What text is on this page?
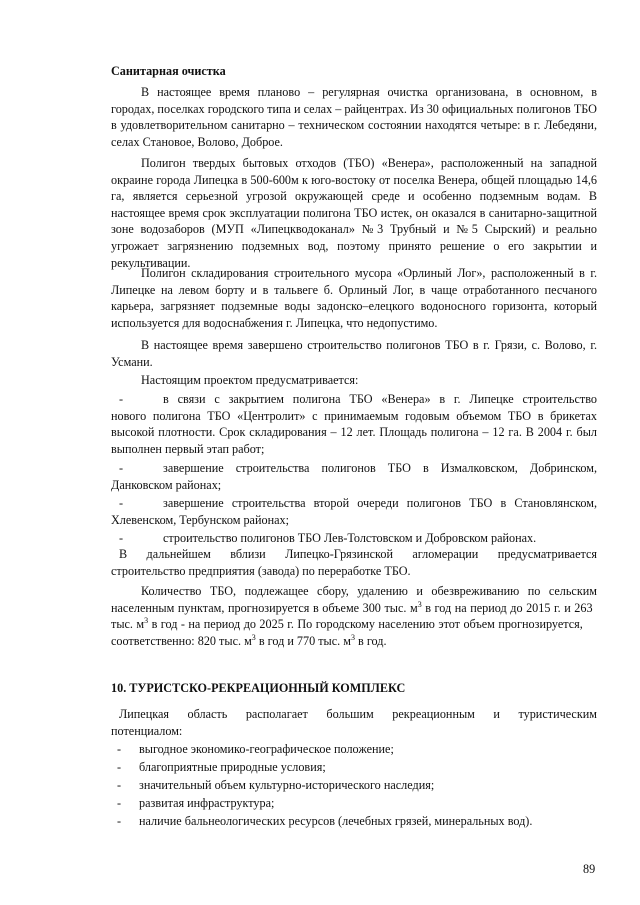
Санитарная очистка
В настоящее время планово – регулярная очистка организована, в основном, в
городах, поселках городского типа и селах – райцентрах. Из 30 официальных полигонов ТБО
в удовлетворительном санитарно – техническом состоянии находятся четыре: в г. Лебедяни,
селах Становое, Волово, Доброе.
Полигон твердых бытовых отходов (ТБО) «Венера», расположенный на западной
окраине города Липецка в 500-600м к юго-востоку от поселка Венера, общей площадью 14,6
га, является серьезной угрозой окружающей среде и особенно подземным водам. В
настоящее время срок эксплуатации полигона ТБО истек, он оказался в санитарно-защитной
зоне водозаборов (МУП «Липецкводоканал» №3 Трубный и №5 Сырский) и реально
угрожает загрязнению подземных вод, поэтому принято решение о его закрытии и
рекультивации.
Полигон складирования строительного мусора «Орлиный Лог», расположенный в г.
Липецке на левом борту и в тальвеге б. Орлиный Лог, в чаще отработанного песчаного
карьера, загрязняет подземные воды задонско–елецкого водоносного горизонта, который
используется для водоснабжения г. Липецка, что недопустимо.
В настоящее время завершено строительство полигонов ТБО в г. Грязи, с. Волово, г.
Усмани.
Настоящим проектом предусматривается:
в связи с закрытием полигона ТБО «Венера» в г. Липецке строительство
нового полигона ТБО «Центролит» с принимаемым годовым объемом ТБО в брикетах
высокой плотности. Срок складирования – 12 лет. Площадь полигона – 12 га. В 2004 г. был
выполнен первый этап работ;
-
завершение строительства полигонов ТБО в Измалковском, Добринском,
Данковском районах;
-
завершение строительства второй очереди полигонов ТБО в Становлянском,
Хлевенском, Тербунском районах;
-
строительство полигонов ТБО Лев-Толстовском и Добровском районах.
-
В дальнейшем вблизи Липецко-Грязинской агломерации предусматривается
строительство предприятия (завода) по переработке ТБО.
Количество ТБО, подлежащее сбору, удалению и обезвреживанию по сельским
населенным пунктам, прогнозируется в объеме 300 тыс. $м^3$ в год на период до 2015 г. и 263
тыс. $м^3$ в год - на период до 2025 г. По городскому населению этот объем прогнозируется,
соответственно: 820 тыс. $м^3$ в год и 770 тыс. $м^3$ в год.
10. ТУРИСТСКО-РЕКРЕАЦИОННЫЙ КОМПЛЕКС
Липецкая область располагает большим рекреационным и туристическим
потенциалом:
- выгодное экономико-географическое положение;
- благоприятные природные условия;
- значительный объем культурно-исторического наследия;
- развитая инфраструктура;
- наличие бальнеологических ресурсов (лечебных грязей, минеральных вод).
89
